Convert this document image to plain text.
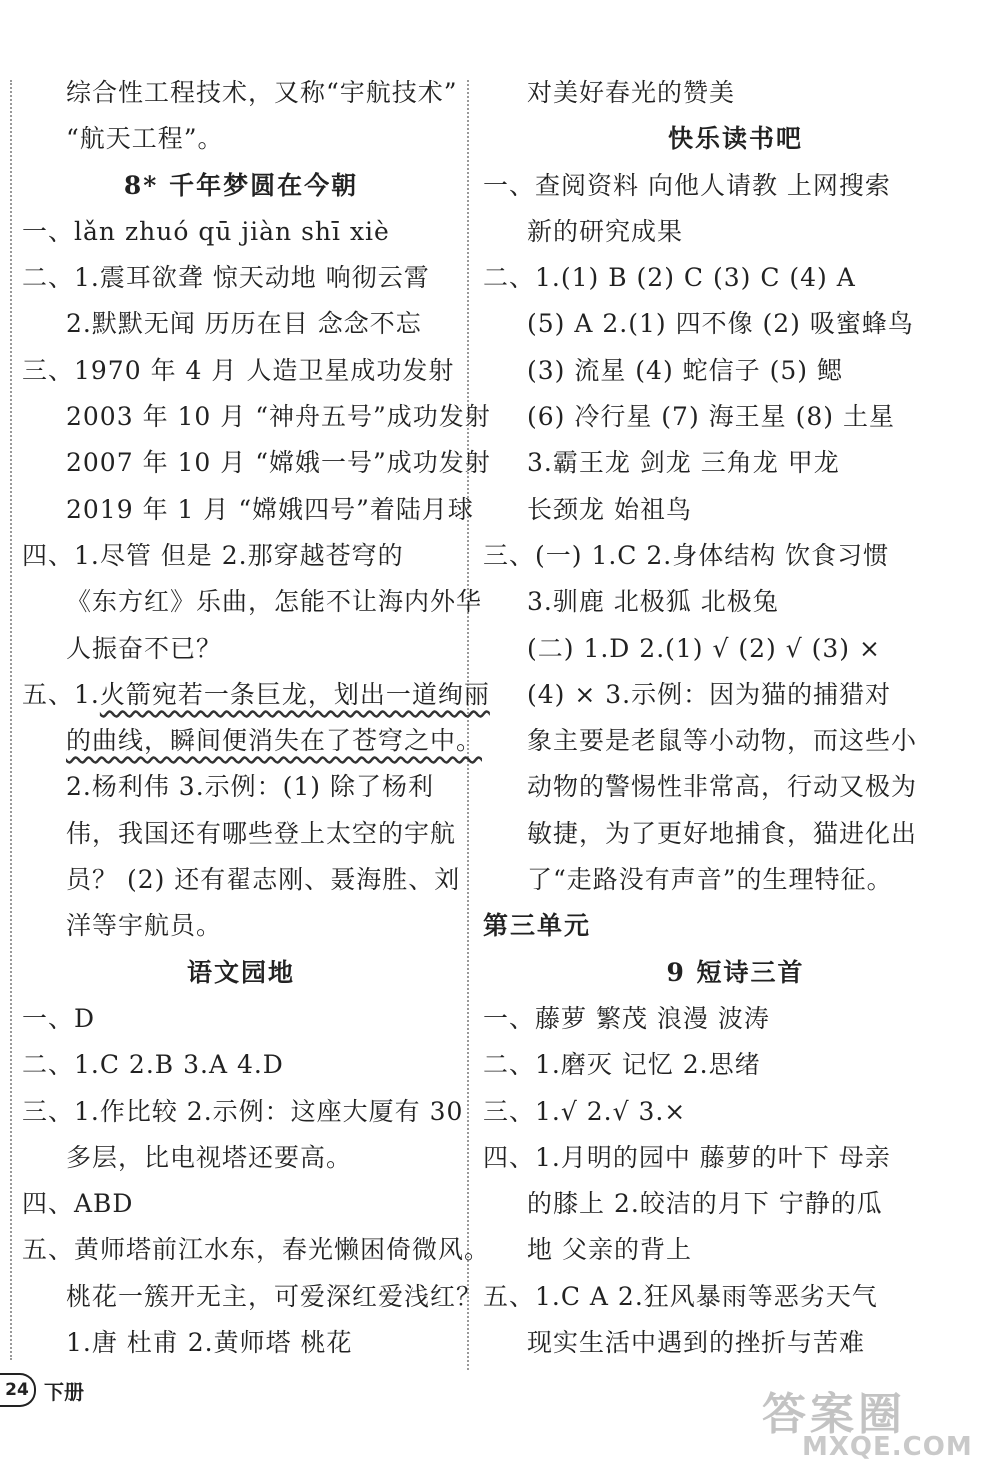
综合性工程技术，又称“宇航技术”
“航天工程”。
8* 千年梦圆在今朝
一、lǎn zhuó qū jiàn shī xiè
二、1.震耳欲聋 惊天动地 响彻云霄
2.默默无闻 历历在目 念念不忘
三、1970 年 4 月 人造卫星成功发射
2003 年 10 月 “神舟五号”成功发射
2007 年 10 月 “嫦娥一号”成功发射
2019 年 1 月 “嫦娥四号”着陆月球
四、1.尽管 但是 2.那穿越苍穹的
《东方红》乐曲，怎能不让海内外华
人振奋不已？
五、1.火箭宛若一条巨龙，划出一道绚丽
的曲线，瞬间便消失在了苍穹之中。
2.杨利伟 3.示例：(1) 除了杨利
伟，我国还有哪些登上太空的宇航
员？ (2) 还有翟志刚、聂海胜、刘
洋等宇航员。
语文园地
一、D
二、1.C 2.B 3.A 4.D
三、1.作比较 2.示例：这座大厦有 30
多层，比电视塔还要高。
四、ABD
五、黄师塔前江水东，春光懒困倚微风。
桃花一簇开无主，可爱深红爱浅红？
1.唐 杜甫 2.黄师塔 桃花
对美好春光的赞美
快乐读书吧
一、查阅资料 向他人请教 上网搜索
新的研究成果
二、1.(1) B (2) C (3) C (4) A
(5) A 2.(1) 四不像 (2) 吸蜜蜂鸟
(3) 流星 (4) 蛇信子 (5) 鳃
(6) 冷行星 (7) 海王星 (8) 土星
3.霸王龙 剑龙 三角龙 甲龙
长颈龙 始祖鸟
三、(一) 1.C 2.身体结构 饮食习惯
3.驯鹿 北极狐 北极兔
(二) 1.D 2.(1) √ (2) √ (3) ×
(4) × 3.示例：因为猫的捕猎对
象主要是老鼠等小动物，而这些小
动物的警惕性非常高，行动又极为
敏捷，为了更好地捕食，猫进化出
了“走路没有声音”的生理特征。
第三单元
9 短诗三首
一、藤萝 繁茂 浪漫 波涛
二、1.磨灭 记忆 2.思绪
三、1.√ 2.√ 3.×
四、1.月明的园中 藤萝的叶下 母亲
的膝上 2.皎洁的月下 宁静的瓜
地 父亲的背上
五、1.C A 2.狂风暴雨等恶劣天气
现实生活中遇到的挫折与苦难
24 下册	答案圈
MXQE.COM
